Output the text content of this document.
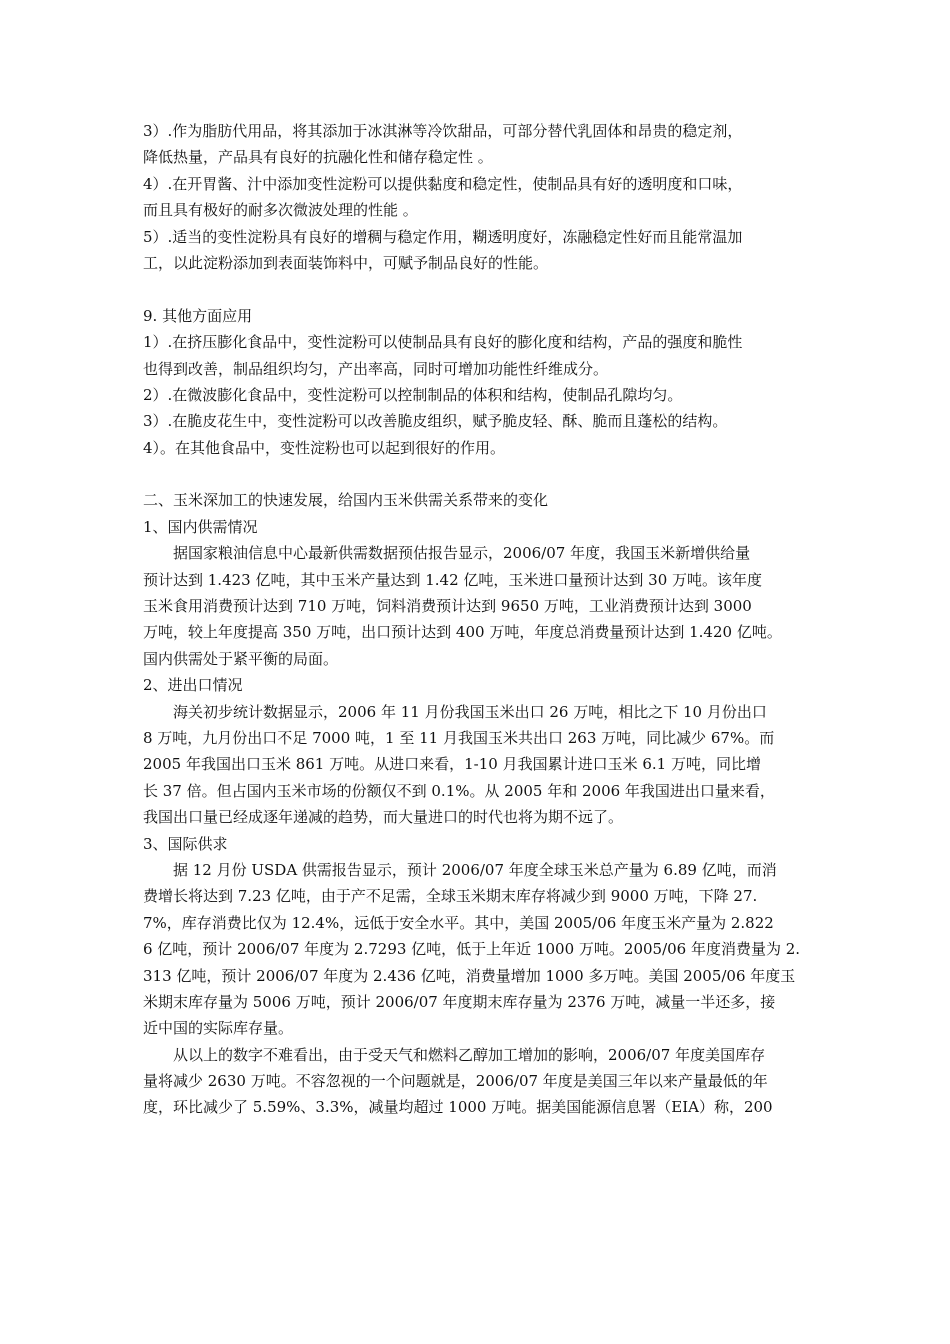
3）.作为脂肪代用品，将其添加于冰淇淋等冷饮甜品，可部分替代乳固体和昂贵的稳定剂，
降低热量，产品具有良好的抗融化性和储存稳定性 。
4）.在开胃酱、汁中添加变性淀粉可以提供黏度和稳定性，使制品具有好的透明度和口味，
而且具有极好的耐多次微波处理的性能 。
5）.适当的变性淀粉具有良好的增稠与稳定作用，糊透明度好，冻融稳定性好而且能常温加
工，以此淀粉添加到表面装饰料中，可赋予制品良好的性能。
9. 其他方面应用
1）.在挤压膨化食品中，变性淀粉可以使制品具有良好的膨化度和结构，产品的强度和脆性
也得到改善，制品组织均匀，产出率高，同时可增加功能性纤维成分。
2）.在微波膨化食品中，变性淀粉可以控制制品的体积和结构，使制品孔隙均匀。
3）.在脆皮花生中，变性淀粉可以改善脆皮组织，赋予脆皮轻、酥、脆而且蓬松的结构。
4）。在其他食品中，变性淀粉也可以起到很好的作用。
二、玉米深加工的快速发展，给国内玉米供需关系带来的变化
1、国内供需情况
　　据国家粮油信息中心最新供需数据预估报告显示，2006/07 年度，我国玉米新增供给量
预计达到 1.423 亿吨，其中玉米产量达到 1.42 亿吨，玉米进口量预计达到 30 万吨。该年度
玉米食用消费预计达到 710 万吨，饲料消费预计达到 9650 万吨，工业消费预计达到 3000
万吨，较上年度提高 350 万吨，出口预计达到 400 万吨，年度总消费量预计达到 1.420 亿吨。
国内供需处于紧平衡的局面。
2、进出口情况
　　海关初步统计数据显示，2006 年 11 月份我国玉米出口 26 万吨，相比之下 10 月份出口
8 万吨，九月份出口不足 7000 吨，1 至 11 月我国玉米共出口 263 万吨，同比减少 67%。而
2005 年我国出口玉米 861 万吨。从进口来看，1-10 月我国累计进口玉米 6.1 万吨，同比增
长 37 倍。但占国内玉米市场的份额仅不到 0.1%。从 2005 年和 2006 年我国进出口量来看，
我国出口量已经成逐年递减的趋势，而大量进口的时代也将为期不远了。
3、国际供求
　　据 12 月份 USDA 供需报告显示，预计 2006/07 年度全球玉米总产量为 6.89 亿吨，而消
费增长将达到 7.23 亿吨，由于产不足需，全球玉米期末库存将减少到 9000 万吨，下降 27.
7%，库存消费比仅为 12.4%，远低于安全水平。其中，美国 2005/06 年度玉米产量为 2.822
6 亿吨，预计 2006/07 年度为 2.7293 亿吨，低于上年近 1000 万吨。2005/06 年度消费量为 2.
313 亿吨，预计 2006/07 年度为 2.436 亿吨，消费量增加 1000 多万吨。美国 2005/06 年度玉
米期末库存量为 5006 万吨，预计 2006/07 年度期末库存量为 2376 万吨，减量一半还多，接
近中国的实际库存量。
　　从以上的数字不难看出，由于受天气和燃料乙醇加工增加的影响，2006/07 年度美国库存
量将减少 2630 万吨。不容忽视的一个问题就是，2006/07 年度是美国三年以来产量最低的年
度，环比减少了 5.59%、3.3%，减量均超过 1000 万吨。据美国能源信息署（EIA）称，200
